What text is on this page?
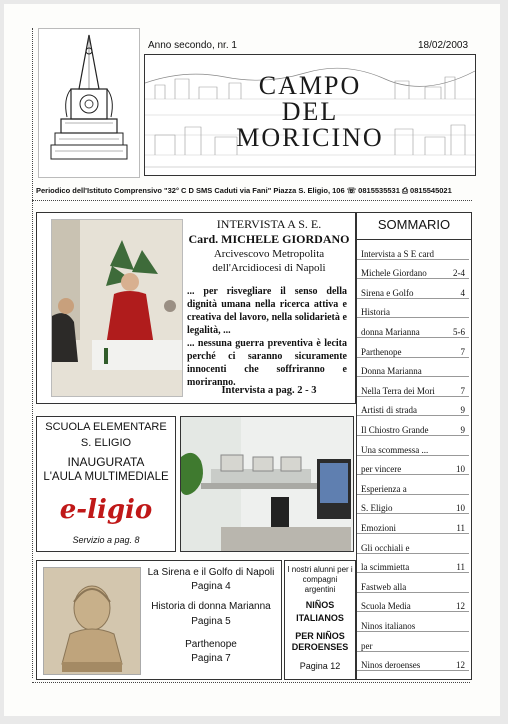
Anno secondo, nr. 1	18/02/2003
CAMPO
DEL
MORICINO
Periodico dell'Istituto Comprensivo "32° C D SMS Caduti via Fani" Piazza S. Eligio, 106 ☏ 0815535531 ⎙ 0815545021
INTERVISTA A S. E.
Card. MICHELE GIORDANO
Arcivescovo Metropolita
dell'Arcidiocesi di Napoli
... per risvegliare il senso della dignità umana nella ricerca attiva e creativa del lavoro, nella solidarietà e legalità, ...
... nessuna guerra preventiva è lecita perché ci saranno sicuramente innocenti che soffriranno e moriranno.
Intervista a pag. 2 - 3
SOMMARIO
Intervista a S E card
Michele Giordano	2-4
Sirena e Golfo	4
Historia
donna Marianna	5-6
Parthenope	7
Donna Marianna
Nella Terra dei Mori	7
Artisti di strada	9
Il Chiostro Grande	9
Una scommessa ...
per vincere	10
Esperienza a
S. Eligio	10
Emozioni	11
Gli occhiali e
la scimmietta	11
Fastweb alla
Scuola Media	12
Ninos italianos
per
Ninos deroenses	12
SCUOLA ELEMENTARE
S. ELIGIO
INAUGURATA
L'AULA MULTIMEDIALE
e-ligio
Servizio a pag. 8
La Sirena e il Golfo di Napoli
Pagina 4
Historia di donna Marianna
Pagina 5
Parthenope
Pagina 7
I nostri alunni per i compagni argentini
NIÑOS ITALIANOS
PER NIÑOS DEROENSES
Pagina 12
